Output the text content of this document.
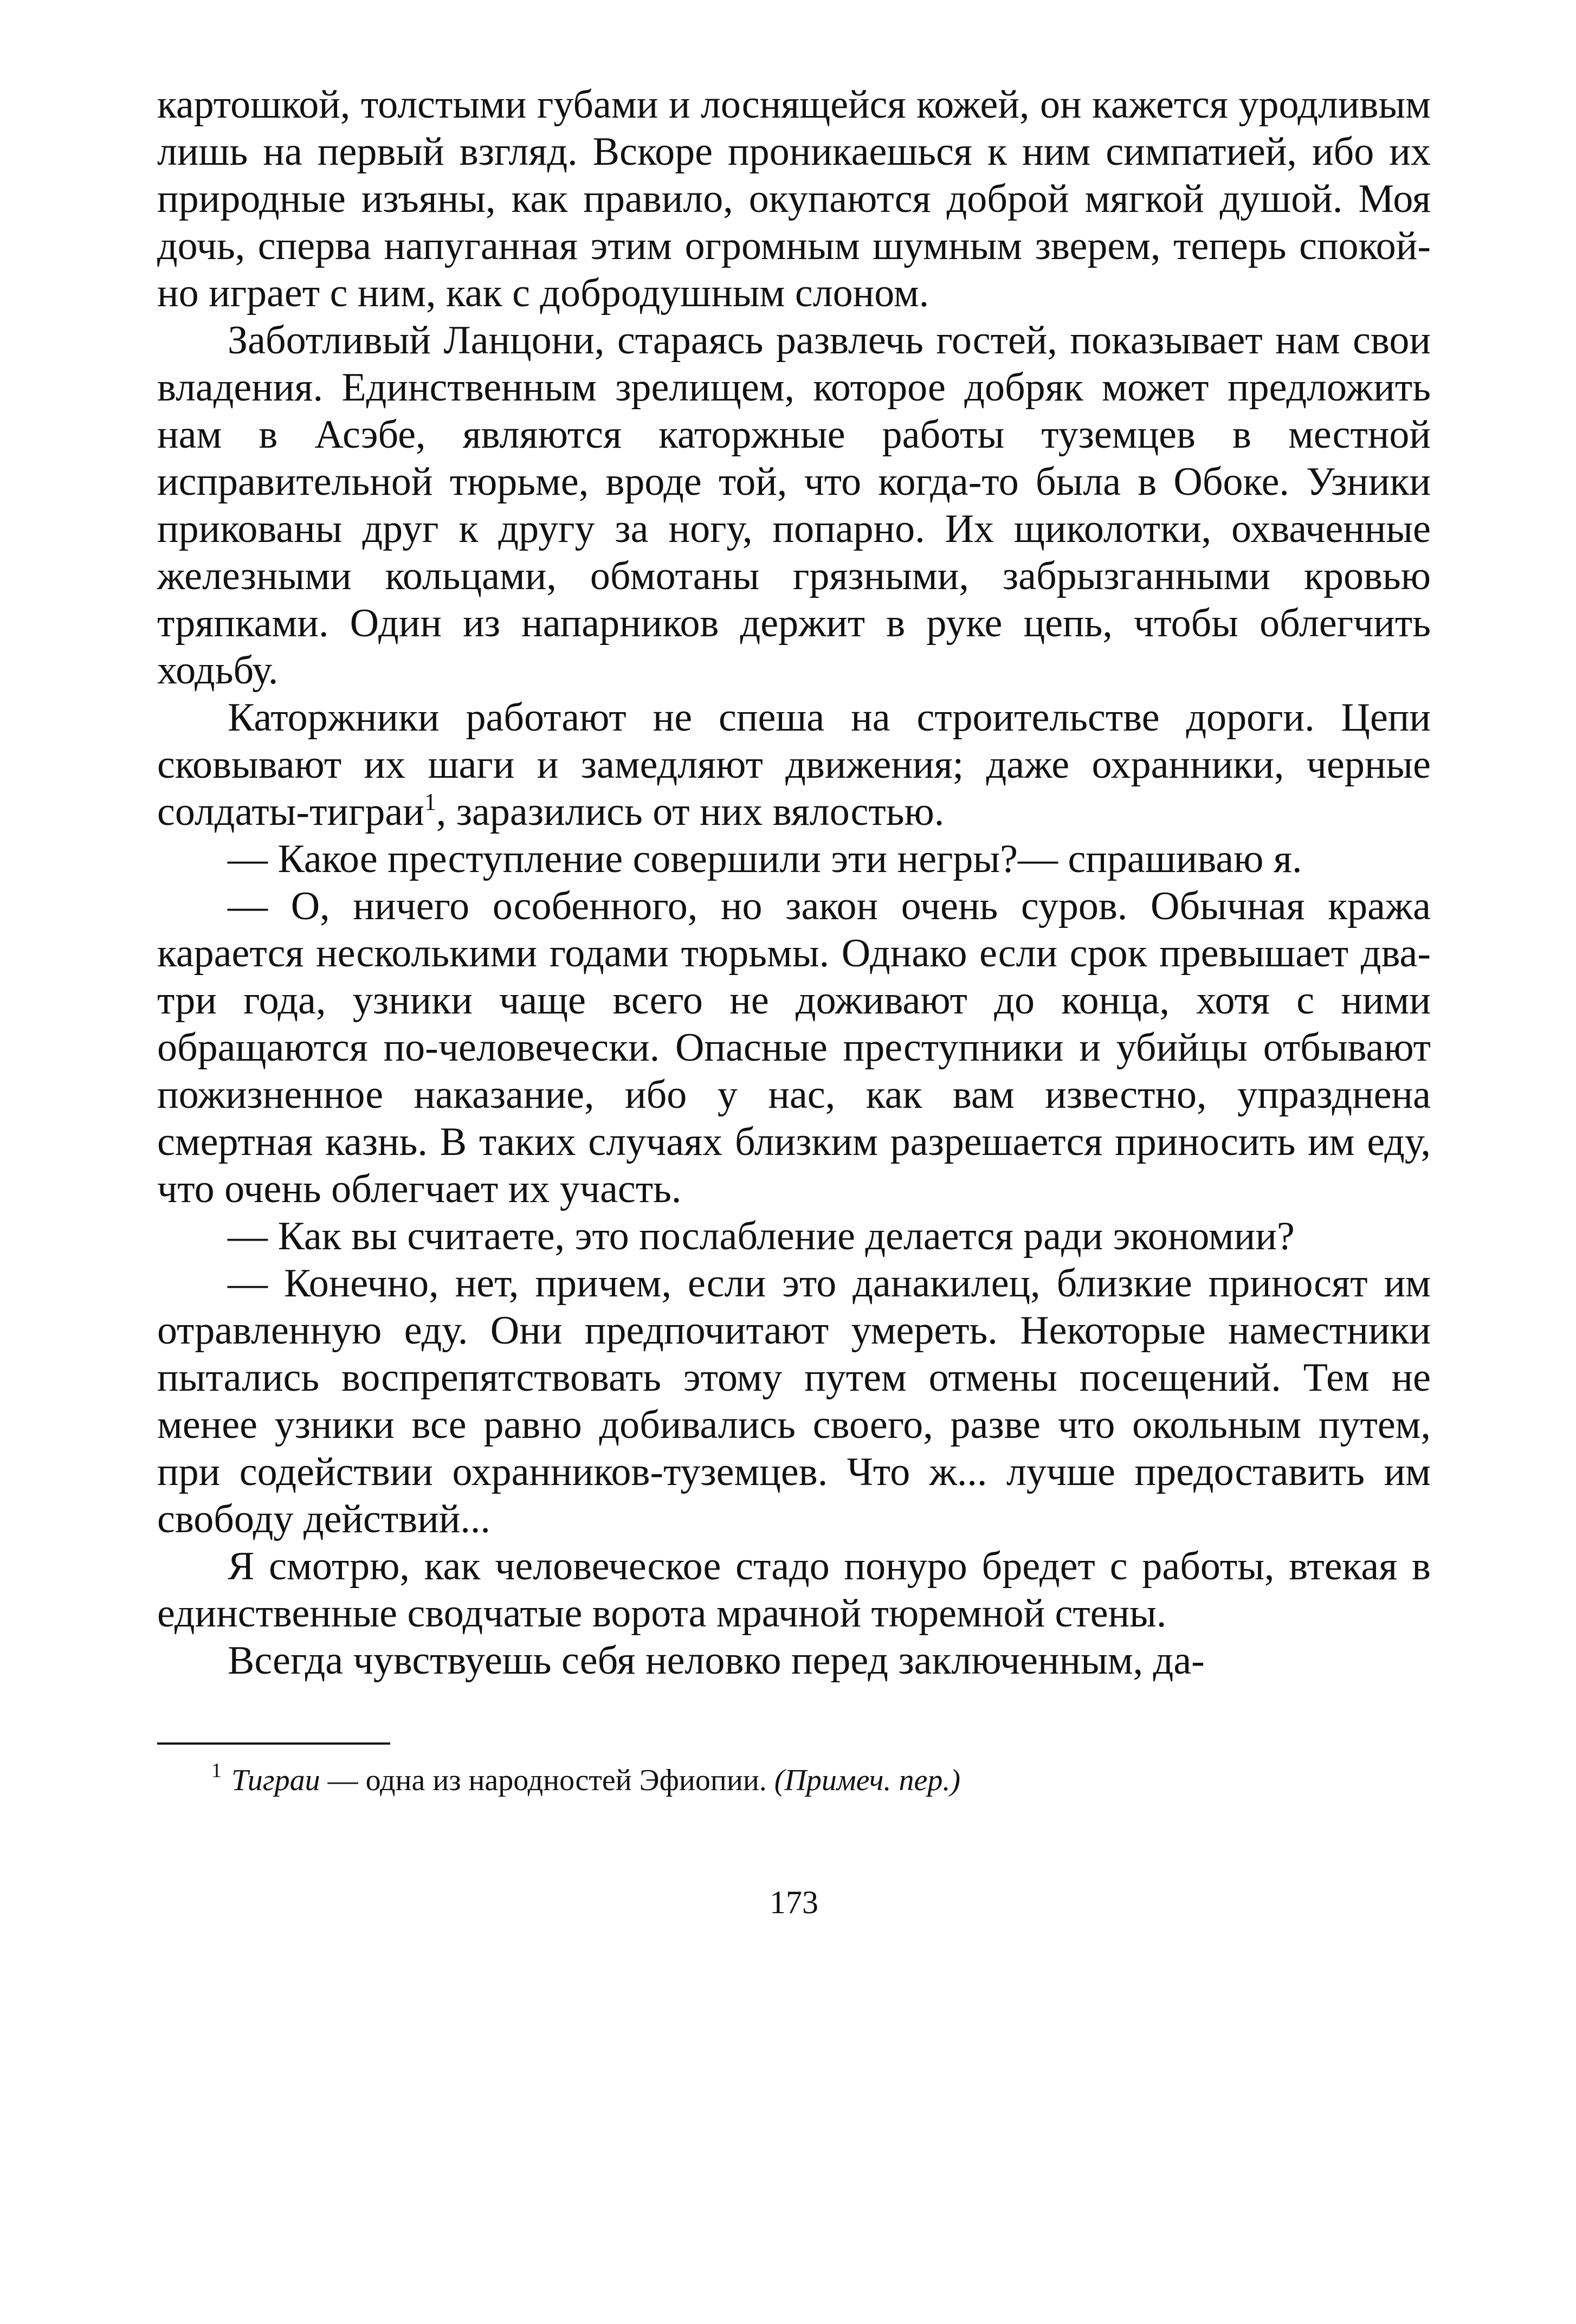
картошкой, толстыми губами и лоснящейся кожей, он кажется уродливым лишь на первый взгляд. Вскоре проникаешься к ним симпатией, ибо их природные изъяны, как правило, окупаются доброй мягкой душой. Моя дочь, сперва напуганная этим огромным шумным зверем, теперь спокойно играет с ним, как с добродушным слоном.

Заботливый Ланцони, стараясь развлечь гостей, показывает нам свои владения. Единственным зрелищем, которое добряк может предложить нам в Асэбе, являются каторжные работы туземцев в местной исправительной тюрьме, вроде той, что когда-то была в Обоке. Узники прикованы друг к другу за ногу, попарно. Их щиколотки, охваченные железными кольцами, обмотаны грязными, забрызганными кровью тряпками. Один из напарников держит в руке цепь, чтобы облегчить ходьбу.

Каторжники работают не спеша на строительстве дороги. Цепи сковывают их шаги и замедляют движения; даже охранники, черные солдаты-тиграи$^1$, заразились от них вялостью.

— Какое преступление совершили эти негры?— спрашиваю я.

— О, ничего особенного, но закон очень суров. Обычная кража карается несколькими годами тюрьмы. Однако если срок превышает два-три года, узники чаще всего не доживают до конца, хотя с ними обращаются по-человечески. Опасные преступники и убийцы отбывают пожизненное наказание, ибо у нас, как вам известно, упразднена смертная казнь. В таких случаях близким разрешается приносить им еду, что очень облегчает их участь.

— Как вы считаете, это послабление делается ради экономии?

— Конечно, нет, причем, если это данакилец, близкие приносят им отравленную еду. Они предпочитают умереть. Некоторые наместники пытались воспрепятствовать этому путем отмены посещений. Тем не менее узники все равно добивались своего, разве что окольным путем, при содействии охранников-туземцев. Что ж... лучше предоставить им свободу действий...

Я смотрю, как человеческое стадо понуро бредет с работы, втекая в единственные сводчатые ворота мрачной тюремной стены.

Всегда чувствуешь себя неловко перед заключенным, да-

$^1$ Тиграи — одна из народностей Эфиопии. (Примеч. пер.)
173
